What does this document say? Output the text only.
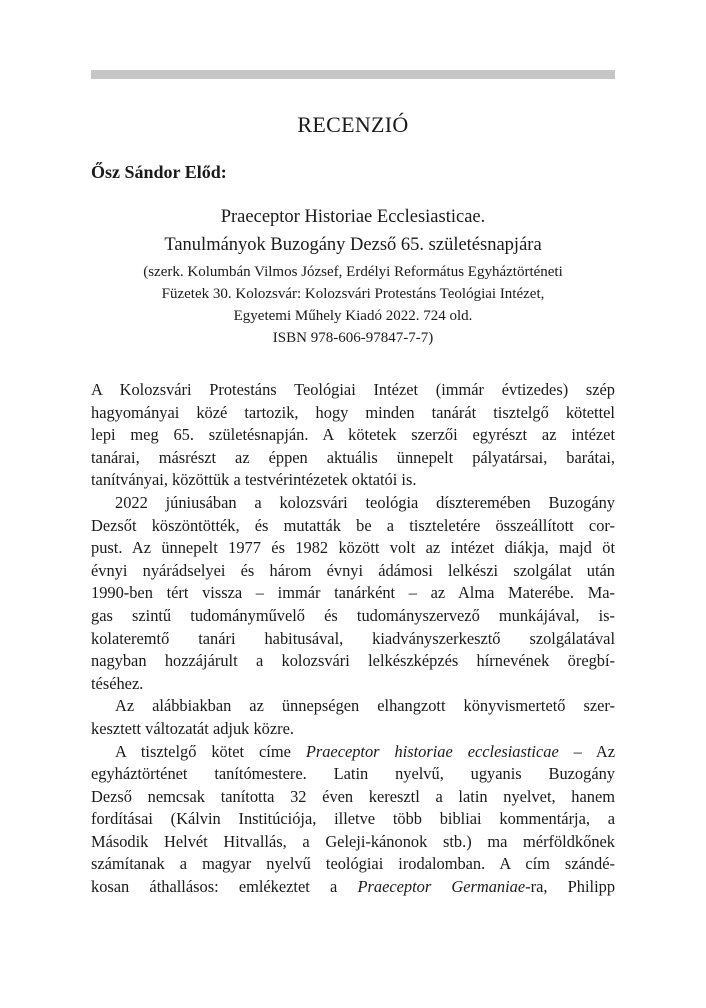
RECENZIÓ
Ősz Sándor Előd:
Praeceptor Historiae Ecclesiasticae.
Tanulmányok Buzogány Dezső 65. születésnapjára
(szerk. Kolumbán Vilmos József, Erdélyi Református Egyháztörténeti
Füzetek 30. Kolozsvár: Kolozsvári Protestáns Teológiai Intézet,
Egyetemi Műhely Kiadó 2022. 724 old.
ISBN 978-606-97847-7-7)
A Kolozsvári Protestáns Teológiai Intézet (immár évtizedes) szép
hagyományai közé tartozik, hogy minden tanárát tisztelgő kötettel
lepi meg 65. születésnapján. A kötetek szerzői egyrészt az intézet
tanárai, másrészt az éppen aktuális ünnepelt pályatársai, barátai,
tanítványai, közöttük a testvérintézetek oktatói is.
2022 júniusában a kolozsvári teológia díszteremében Buzogány
Dezsőt köszöntötték, és mutatták be a tiszteletére összeállított cor-
pust. Az ünnepelt 1977 és 1982 között volt az intézet diákja, majd öt
évnyi nyárádselyei és három évnyi ádámosi lelkészi szolgálat után
1990-ben tért vissza – immár tanárként – az Alma Materébe. Ma-
gas szintű tudományművelő és tudományszervező munkájával, is-
kolateremtő tanári habitusával, kiadványszerkesztő szolgálatával
nagyban hozzájárult a kolozsvári lelkészképzés hírnevének öregbí-
téséhez.
Az alábbiakban az ünnepségen elhangzott könyvismertető szer-
kesztett változatát adjuk közre.
A tisztelgő kötet címe Praeceptor historiae ecclesiasticae – Az
egyháztörténet tanítómestere. Latin nyelvű, ugyanis Buzogány
Dezső nemcsak tanította 32 éven keresztl a latin nyelvet, hanem
fordításai (Kálvin Institúciója, illetve több bibliai kommentárja, a
Második Helvét Hitvallás, a Geleji-kánonok stb.) ma mérföldkőnek
számítanak a magyar nyelvű teológiai irodalomban. A cím szándé-
kosan áthallásos: emlékeztet a Praeceptor Germaniae-ra, Philipp
